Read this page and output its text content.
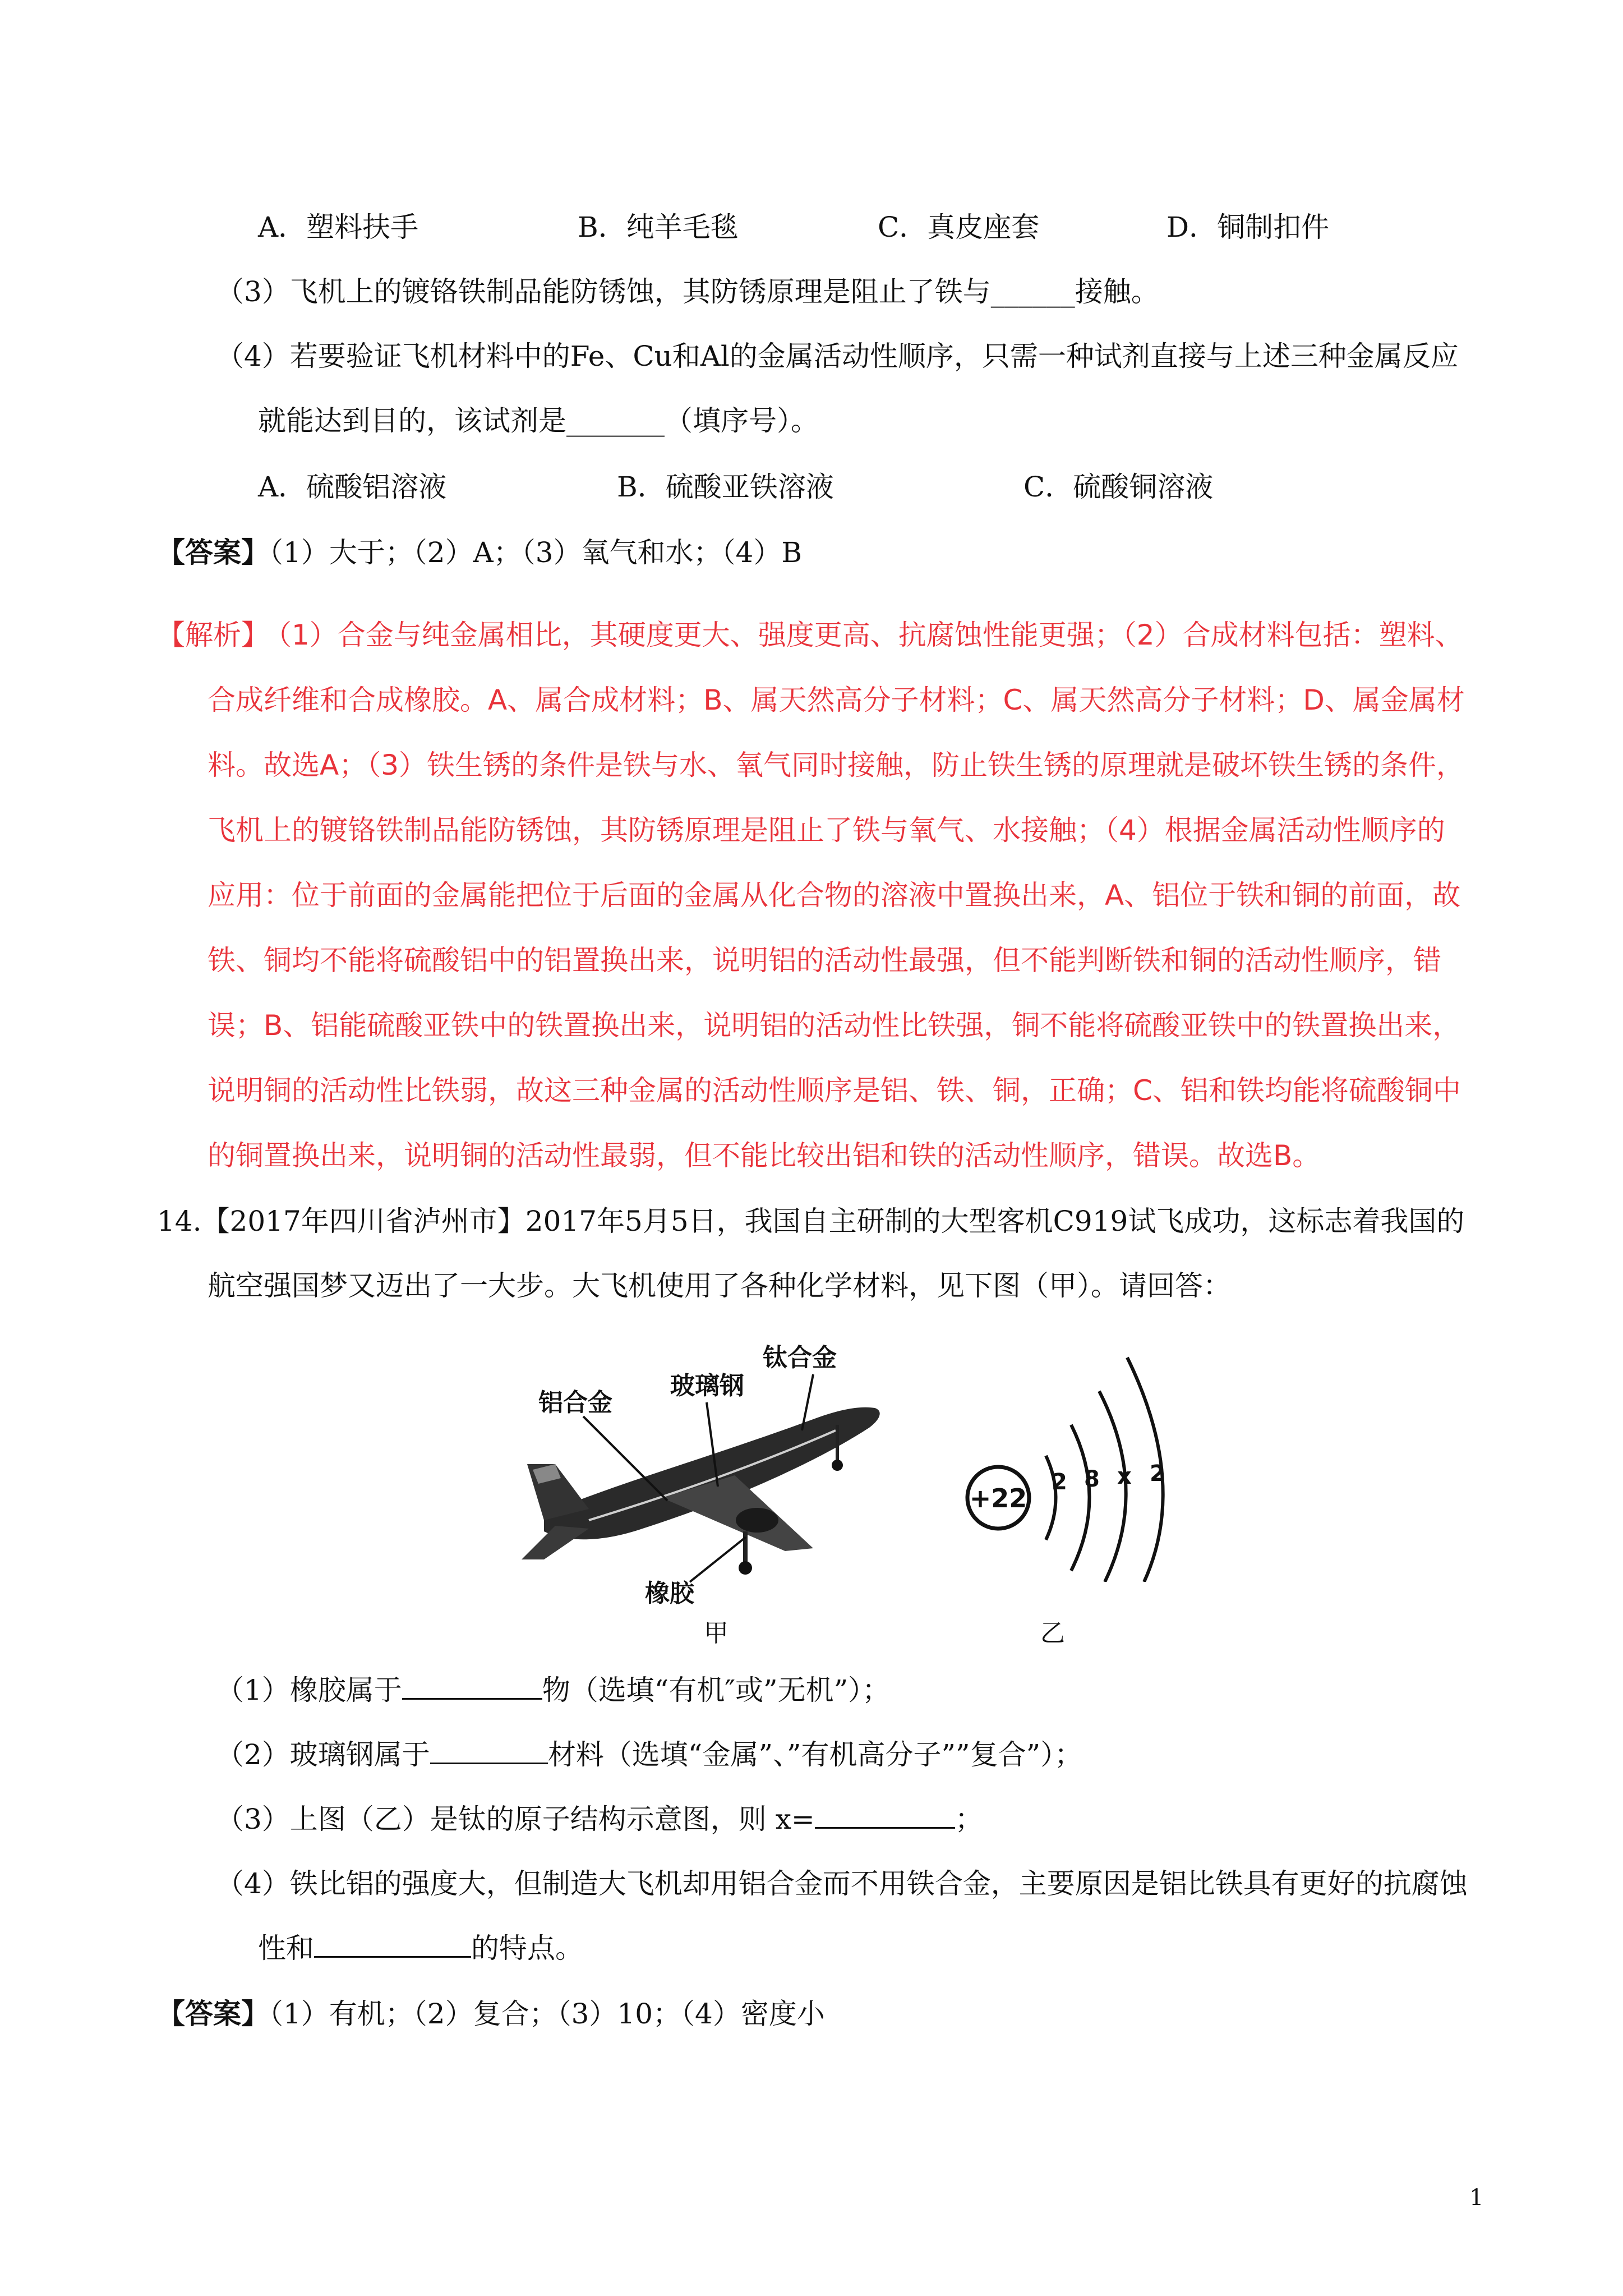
A．塑料扶手	B．纯羊毛毯	C．真皮座套	D．铜制扣件
（3）飞机上的镀铬铁制品能防锈蚀，其防锈原理是阻止了铁与______接触。
（4）若要验证飞机材料中的Fe、Cu和Al的金属活动性顺序，只需一种试剂直接与上述三种金属反应
就能达到目的，该试剂是_______（填序号）。
A．硫酸铝溶液	B．硫酸亚铁溶液	C．硫酸铜溶液
【答案】（1）大于；（2）A；（3）氧气和水；（4）B
【解析】
（1）合金与纯金属相比，其硬度更大、强度更高、抗腐蚀性能更强；（2）合成材料包括：塑料、
合成纤维和合成橡胶。A、属合成材料；B、属天然高分子材料；C、属天然高分子材料；D、属金属材
料。故选A；（3）铁生锈的条件是铁与水、氧气同时接触，防止铁生锈的原理就是破坏铁生锈的条件，
飞机上的镀铬铁制品能防锈蚀，其防锈原理是阻止了铁与氧气、水接触；（4）根据金属活动性顺序的
应用：位于前面的金属能把位于后面的金属从化合物的溶液中置换出来，A、铝位于铁和铜的前面，故
铁、铜均不能将硫酸铝中的铝置换出来，说明铝的活动性最强，但不能判断铁和铜的活动性顺序，错
误；B、铝能硫酸亚铁中的铁置换出来，说明铝的活动性比铁强，铜不能将硫酸亚铁中的铁置换出来，
说明铜的活动性比铁弱，故这三种金属的活动性顺序是铝、铁、铜，正确；C、铝和铁均能将硫酸铜中
的铜置换出来，说明铜的活动性最弱，但不能比较出铝和铁的活动性顺序，错误。故选B。
14.【2017年四川省泸州市】2017年5月5日，我国自主研制的大型客机C919试飞成功，这标志着我国的
航空强国梦又迈出了一大步。大飞机使用了各种化学材料，见下图（甲）。请回答：
铝合金
玻璃钢
钛合金
橡胶
甲
+22
2 8 x 2
乙
（1）橡胶属于	物（选填“有机″或”无机”）；
（2）玻璃钢属于	材料（选填“金属”、”有机高分子””复合”）；
（3）上图（乙）是钛的原子结构示意图，则 x=	；
（4）铁比铝的强度大，但制造大飞机却用铝合金而不用铁合金，主要原因是铝比铁具有更好的抗腐蚀
性和	的特点。
【答案】（1）有机；（2）复合；（3）10；（4）密度小
1
